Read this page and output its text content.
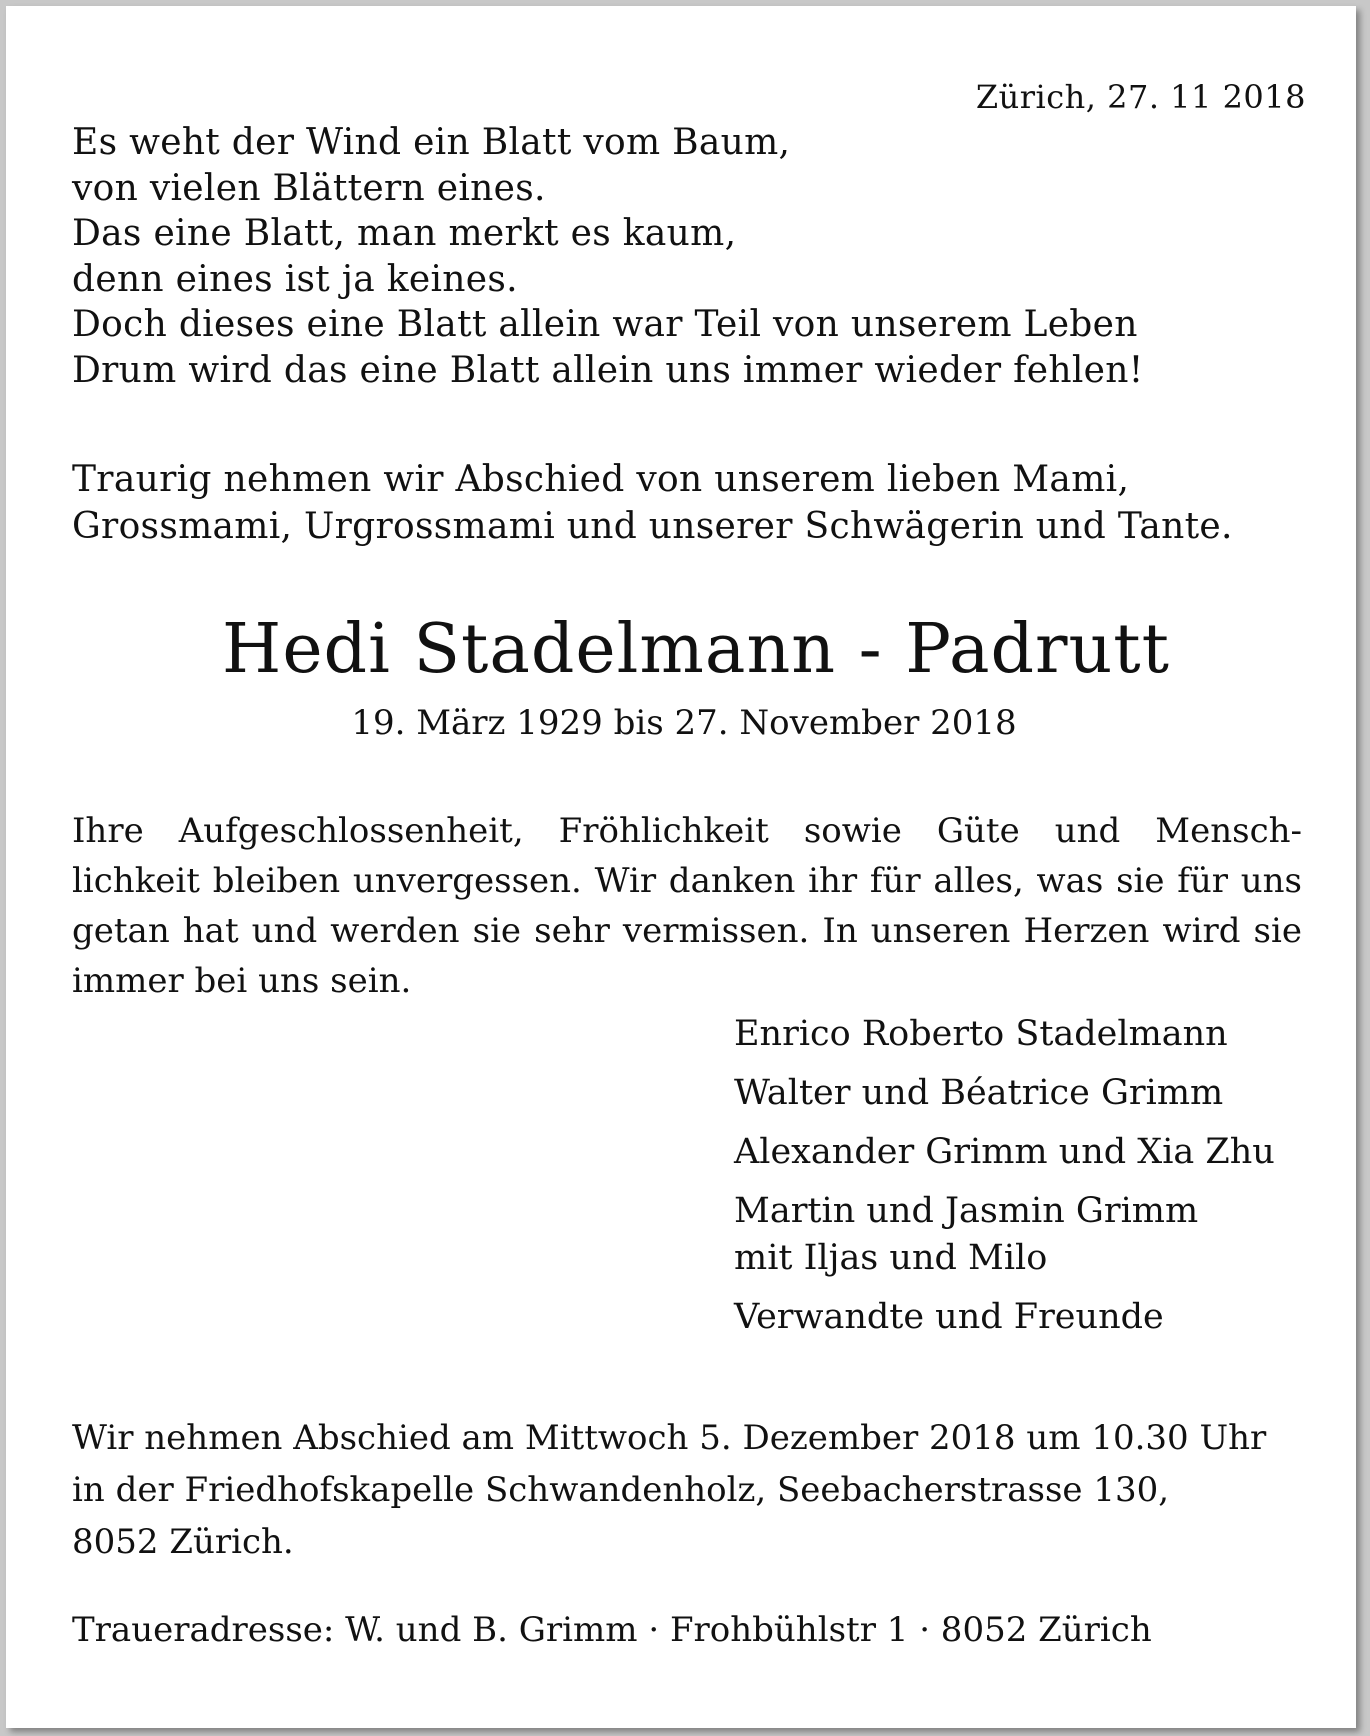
Zürich, 27. 11 2018
Es weht der Wind ein Blatt vom Baum,
von vielen Blättern eines.
Das eine Blatt, man merkt es kaum,
denn eines ist ja keines.
Doch dieses eine Blatt allein war Teil von unserem Leben
Drum wird das eine Blatt allein uns immer wieder fehlen!
Traurig nehmen wir Abschied von unserem lieben Mami,
Grossmami, Urgrossmami und unserer Schwägerin und Tante.
Hedi Stadelmann - Padrutt
19. März 1929 bis 27. November 2018
Ihre Aufgeschlossenheit, Fröhlichkeit sowie Güte und Mensch-
lichkeit bleiben unvergessen. Wir danken ihr für alles, was sie für uns
getan hat und werden sie sehr vermissen. In unseren Herzen wird sie
immer bei uns sein.
Enrico Roberto Stadelmann
Walter und Béatrice Grimm
Alexander Grimm und Xia Zhu
Martin und Jasmin Grimm
mit Iljas und Milo
Verwandte und Freunde
Wir nehmen Abschied am Mittwoch 5. Dezember 2018 um 10.30 Uhr
in der Friedhofskapelle Schwandenholz, Seebacherstrasse 130,
8052 Zürich.
Traueradresse: W. und B. Grimm · Frohbühlstr 1 · 8052 Zürich
